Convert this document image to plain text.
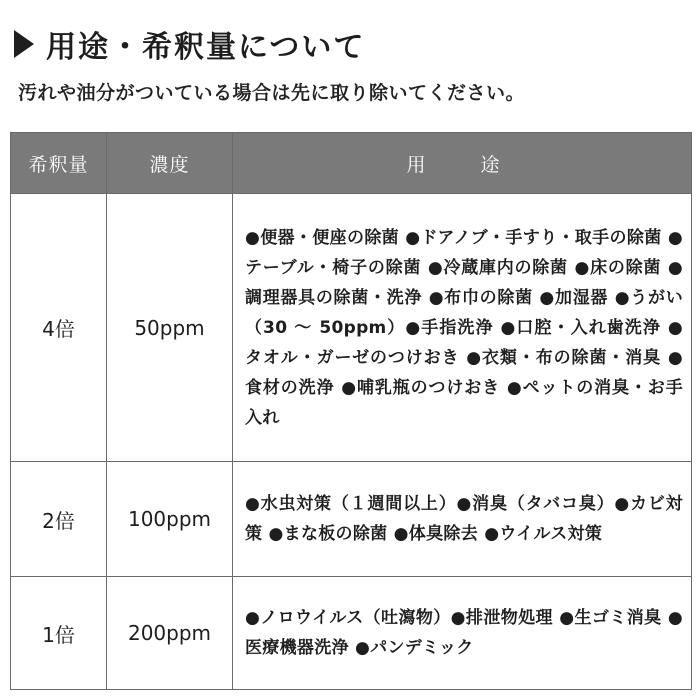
用途・希釈量について
汚れや油分がついている場合は先に取り除いてください。
希釈量	濃度	用　途
4倍	50ppm	●便器・便座の除菌 ●ドアノブ・手すり・取手の除菌 ●テーブル・椅子の除菌 ●冷蔵庫内の除菌 ●床の除菌 ●調理器具の除菌・洗浄 ●布巾の除菌 ●加湿器 ●うがい（30 ～ 50ppm）●手指洗浄 ●口腔・入れ歯洗浄 ●タオル・ガーゼのつけおき ●衣類・布の除菌・消臭 ●食材の洗浄 ●哺乳瓶のつけおき ●ペットの消臭・お手入れ
2倍	100ppm	●水虫対策（１週間以上）●消臭（タバコ臭）●カビ対策 ●まな板の除菌 ●体臭除去 ●ウイルス対策
1倍	200ppm	●ノロウイルス（吐瀉物）●排泄物処理 ●生ゴミ消臭 ●医療機器洗浄 ●パンデミック
